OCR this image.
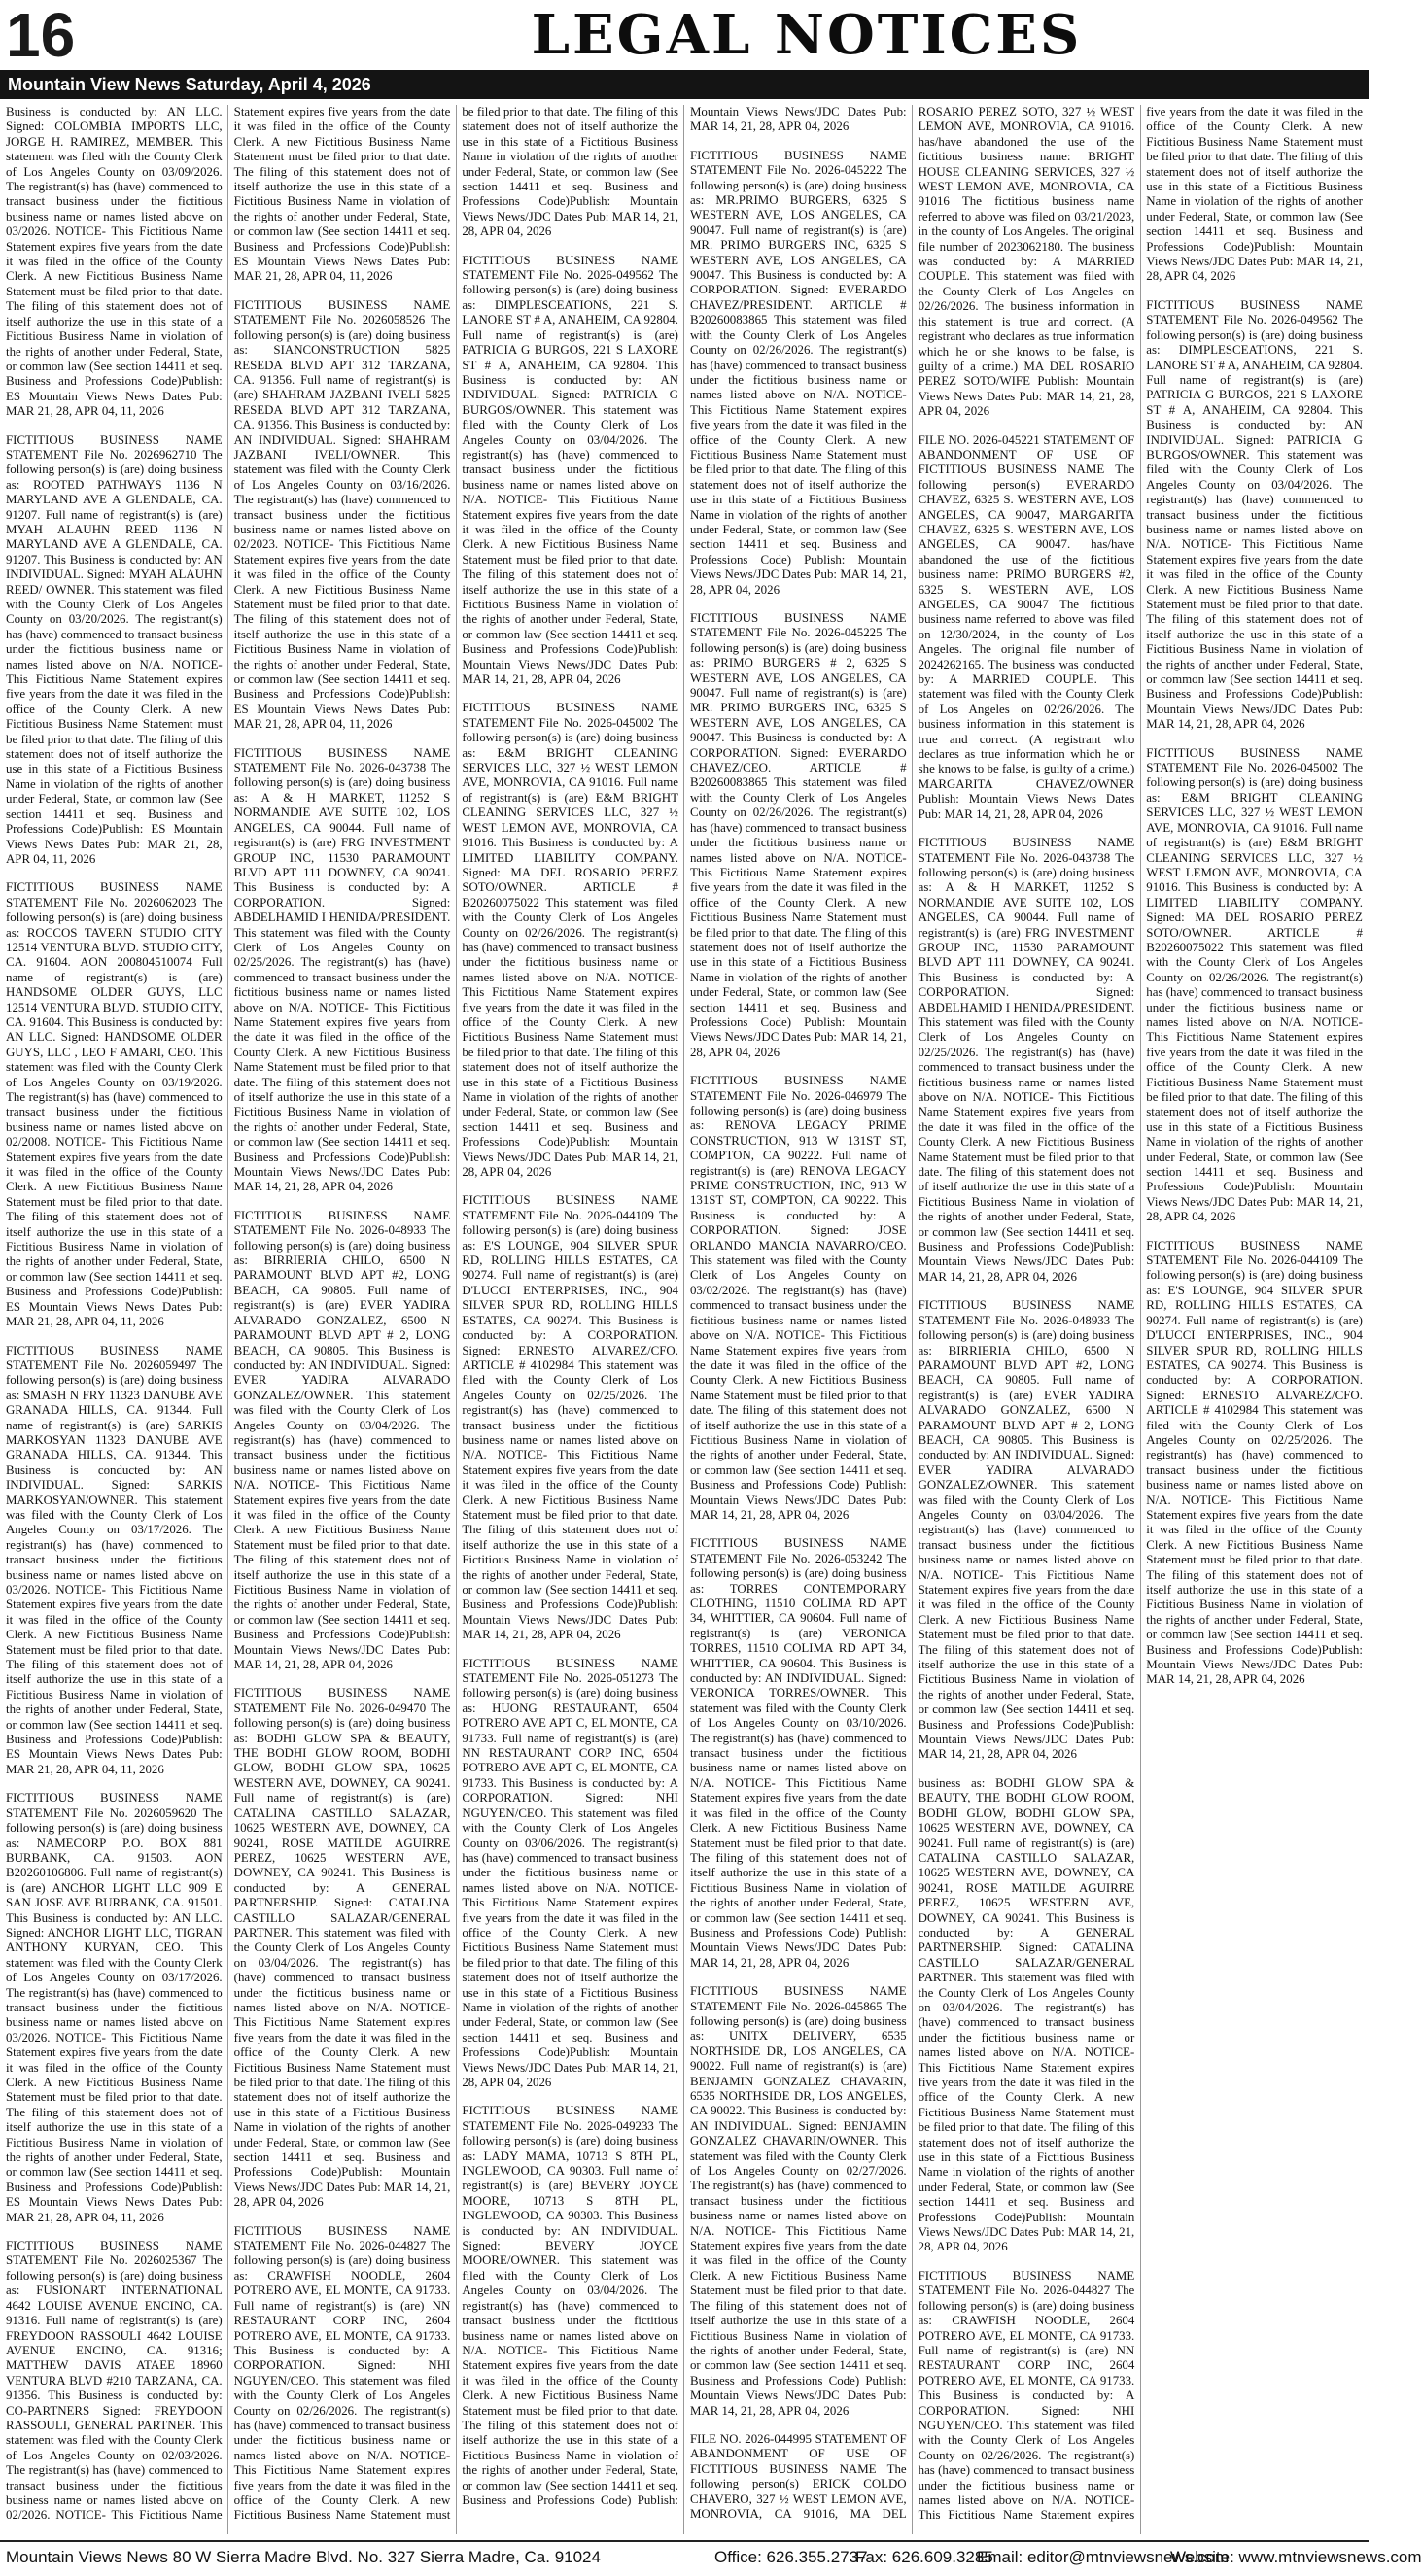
16	LEGAL NOTICES
Mountain View News Saturday, April 4, 2026

Business is conducted by: AN LLC. Signed: COLOMBIA IMPORTS LLC, JORGE H. RAMIREZ, MEMBER. This statement was filed with the County Clerk of Los Angeles County on 03/09/2026. The registrant(s) has (have) commenced to transact business under the fictitious business name or names listed above on 03/2026. NOTICE- This Fictitious Name Statement expires five years from the date it was filed in the office of the County Clerk. A new Fictitious Business Name Statement must be filed prior to that date. The filing of this statement does not of itself authorize the use in this state of a Fictitious Business Name in violation of the rights of another under Federal, State, or common law (See section 14411 et seq. Business and Professions Code)Publish: ES Mountain Views News Dates Pub: MAR 21, 28, APR 04, 11, 2026

FICTITIOUS BUSINESS NAME STATEMENT File No. 2026962710 The following person(s) is (are) doing business as: ROOTED PATHWAYS 1136 N MARYLAND AVE A GLENDALE, CA. 91207. Full name of registrant(s) is (are) MYAH ALAUHN REED 1136 N MARYLAND AVE A GLENDALE, CA. 91207. This Business is conducted by: AN INDIVIDUAL. Signed: MYAH ALAUHN REED/ OWNER. This statement was filed with the County Clerk of Los Angeles County on 03/20/2026. The registrant(s) has (have) commenced to transact business under the fictitious business name or names listed above on N/A. NOTICE- This Fictitious Name Statement expires five years from the date it was filed in the office of the County Clerk. A new Fictitious Business Name Statement must be filed prior to that date. The filing of this statement does not of itself authorize the use in this state of a Fictitious Business Name in violation of the rights of another under Federal, State, or common law (See section 14411 et seq. Business and Professions Code)Publish: ES Mountain Views News Dates Pub: MAR 21, 28, APR 04, 11, 2026

FICTITIOUS BUSINESS NAME STATEMENT File No. 2026062023 The following person(s) is (are) doing business as: ROCCOS TAVERN STUDIO CITY 12514 VENTURA BLVD. STUDIO CITY, CA. 91604. AON 200804510074 Full name of registrant(s) is (are) HANDSOME OLDER GUYS, LLC 12514 VENTURA BLVD. STUDIO CITY, CA. 91604. This Business is conducted by: AN LLC. Signed: HANDSOME OLDER GUYS, LLC , LEO F AMARI, CEO. This statement was filed with the County Clerk of Los Angeles County on 03/19/2026. The registrant(s) has (have) commenced to transact business under the fictitious business name or names listed above on 02/2008. NOTICE- This Fictitious Name Statement expires five years from the date it was filed in the office of the County Clerk. A new Fictitious Business Name Statement must be filed prior to that date. The filing of this statement does not of itself authorize the use in this state of a Fictitious Business Name in violation of the rights of another under Federal, State, or common law (See section 14411 et seq. Business and Professions Code)Publish: ES Mountain Views News Dates Pub: MAR 21, 28, APR 04, 11, 2026

FICTITIOUS BUSINESS NAME STATEMENT File No. 2026059497 The following person(s) is (are) doing business as: SMASH N FRY 11323 DANUBE AVE GRANADA HILLS, CA. 91344. Full name of registrant(s) is (are) SARKIS MARKOSYAN 11323 DANUBE AVE GRANADA HILLS, CA. 91344. This Business is conducted by: AN INDIVIDUAL. Signed: SARKIS MARKOSYAN/OWNER. This statement was filed with the County Clerk of Los Angeles County on 03/17/2026. The registrant(s) has (have) commenced to transact business under the fictitious business name or names listed above on 03/2026. NOTICE- This Fictitious Name Statement expires five years from the date it was filed in the office of the County Clerk. A new Fictitious Business Name Statement must be filed prior to that date. The filing of this statement does not of itself authorize the use in this state of a Fictitious Business Name in violation of the rights of another under Federal, State, or common law (See section 14411 et seq. Business and Professions Code)Publish: ES Mountain Views News Dates Pub: MAR 21, 28, APR 04, 11, 2026

FICTITIOUS BUSINESS NAME STATEMENT File No. 2026059620 The following person(s) is (are) doing business as: NAMECORP P.O. BOX 881 BURBANK, CA. 91503. AON B20260106806. Full name of registrant(s) is (are) ANCHOR LIGHT LLC 909 E SAN JOSE AVE BURBANK, CA. 91501. This Business is conducted by: AN LLC. Signed: ANCHOR LIGHT LLC, TIGRAN ANTHONY KURYAN, CEO. This statement was filed with the County Clerk of Los Angeles County on 03/17/2026. The registrant(s) has (have) commenced to transact business under the fictitious business name or names listed above on 03/2026. NOTICE- This Fictitious Name Statement expires five years from the date it was filed in the office of the County Clerk. A new Fictitious Business Name Statement must be filed prior to that date. The filing of this statement does not of itself authorize the use in this state of a Fictitious Business Name in violation of the rights of another under Federal, State, or common law (See section 14411 et seq. Business and Professions Code)Publish: ES Mountain Views News Dates Pub: MAR 21, 28, APR 04, 11, 2026

FICTITIOUS BUSINESS NAME STATEMENT File No. 2026025367 The following person(s) is (are) doing business as: FUSIONART INTERNATIONAL 4642 LOUISE AVENUE ENCINO, CA. 91316. Full name of registrant(s) is (are) FREYDOON RASSOULI 4642 LOUISE AVENUE ENCINO, CA. 91316; MATTHEW DAVIS ATAEE 18960 VENTURA BLVD #210 TARZANA, CA. 91356. This Business is conducted by: CO-PARTNERS Signed: FREYDOON RASSOULI, GENERAL PARTNER. This statement was filed with the County Clerk of Los Angeles County on 02/03/2026. The registrant(s) has (have) commenced to transact business under the fictitious business name or names listed above on 02/2026. NOTICE- This Fictitious Name Statement expires five years from the date it was filed in the office of the County Clerk. A new Fictitious Business Name Statement must be filed prior to that date. The filing of this statement does not of itself authorize the use in this state of a Fictitious Business Name in violation of the rights of another under Federal, State, or common law (See section 14411 et seq. Business and Professions Code)Publish: ES Mountain Views News Dates Pub: MAR 21, 28, APR 04, 11, 2026

FICTITIOUS BUSINESS NAME STATEMENT File No. 2026058526 The following person(s) is (are) doing business as: SIANCONSTRUCTION 5825 RESEDA BLVD APT 312 TARZANA, CA. 91356. Full name of registrant(s) is (are) SHAHRAM JAZBANI IVELI 5825 RESEDA BLVD APT 312 TARZANA, CA. 91356. This Business is conducted by: AN INDIVIDUAL. Signed: SHAHRAM JAZBANI IVELI/OWNER. This statement was filed with the County Clerk of Los Angeles County on 03/16/2026. The registrant(s) has (have) commenced to transact business under the fictitious business name or names listed above on 02/2023. NOTICE- This Fictitious Name Statement expires five years from the date it was filed in the office of the County Clerk. A new Fictitious Business Name Statement must be filed prior to that date. The filing of this statement does not of itself authorize the use in this state of a Fictitious Business Name in violation of the rights of another under Federal, State, or common law (See section 14411 et seq. Business and Professions Code)Publish: ES Mountain Views News Dates Pub: MAR 21, 28, APR 04, 11, 2026

FICTITIOUS BUSINESS NAME STATEMENT File No. 2026-043738 The following person(s) is (are) doing business as: A & H MARKET, 11252 S NORMANDIE AVE SUITE 102, LOS ANGELES, CA 90044. Full name of registrant(s) is (are) FRG INVESTMENT GROUP INC, 11530 PARAMOUNT BLVD APT 111 DOWNEY, CA 90241. This Business is conducted by: A CORPORATION. Signed: ABDELHAMID I HENIDA/PRESIDENT. This statement was filed with the County Clerk of Los Angeles County on 02/25/2026. The registrant(s) has (have) commenced to transact business under the fictitious business name or names listed above on N/A. NOTICE- This Fictitious Name Statement expires five years from the date it was filed in the office of the County Clerk. A new Fictitious Business Name Statement must be filed prior to that date. The filing of this statement does not of itself authorize the use in this state of a Fictitious Business Name in violation of the rights of another under Federal, State, or common law (See section 14411 et seq. Business and Professions Code)Publish: Mountain Views News/JDC Dates Pub: MAR 14, 21, 28, APR 04, 2026

FICTITIOUS BUSINESS NAME STATEMENT File No. 2026-048933 The following person(s) is (are) doing business as: BIRRIERIA CHILO, 6500 N PARAMOUNT BLVD APT #2, LONG BEACH, CA 90805. Full name of registrant(s) is (are) EVER YADIRA ALVARADO GONZALEZ, 6500 N PARAMOUNT BLVD APT # 2, LONG BEACH, CA 90805. This Business is conducted by: AN INDIVIDUAL. Signed: EVER YADIRA ALVARADO GONZALEZ/OWNER. This statement was filed with the County Clerk of Los Angeles County on 03/04/2026. The registrant(s) has (have) commenced to transact business under the fictitious business name or names listed above on N/A. NOTICE- This Fictitious Name Statement expires five years from the date it was filed in the office of the County Clerk. A new Fictitious Business Name Statement must be filed prior to that date. The filing of this statement does not of itself authorize the use in this state of a Fictitious Business Name in violation of the rights of another under Federal, State, or common law (See section 14411 et seq. Business and Professions Code)Publish: Mountain Views News/JDC Dates Pub: MAR 14, 21, 28, APR 04, 2026

FICTITIOUS BUSINESS NAME STATEMENT File No. 2026-049470 The following person(s) is (are) doing business as: BODHI GLOW SPA & BEAUTY, THE BODHI GLOW ROOM, BODHI GLOW, BODHI GLOW SPA, 10625 WESTERN AVE, DOWNEY, CA 90241. Full name of registrant(s) is (are) CATALINA CASTILLO SALAZAR, 10625 WESTERN AVE, DOWNEY, CA 90241, ROSE MATILDE AGUIRRE PEREZ, 10625 WESTERN AVE, DOWNEY, CA 90241. This Business is conducted by: A GENERAL PARTNERSHIP. Signed: CATALINA CASTILLO SALAZAR/GENERAL PARTNER. This statement was filed with the County Clerk of Los Angeles County on 03/04/2026. The registrant(s) has (have) commenced to transact business under the fictitious business name or names listed above on N/A. NOTICE- This Fictitious Name Statement expires five years from the date it was filed in the office of the County Clerk. A new Fictitious Business Name Statement must be filed prior to that date. The filing of this statement does not of itself authorize the use in this state of a Fictitious Business Name in violation of the rights of another under Federal, State, or common law (See section 14411 et seq. Business and Professions Code)Publish: Mountain Views News/JDC Dates Pub: MAR 14, 21, 28, APR 04, 2026

FICTITIOUS BUSINESS NAME STATEMENT File No. 2026-044827 The following person(s) is (are) doing business as: CRAWFISH NOODLE, 2604 POTRERO AVE, EL MONTE, CA 91733. Full name of registrant(s) is (are) NN RESTAURANT CORP INC, 2604 POTRERO AVE, EL MONTE, CA 91733. This Business is conducted by: A CORPORATION. Signed: NHI NGUYEN/CEO. This statement was filed with the County Clerk of Los Angeles County on 02/26/2026. The registrant(s) has (have) commenced to transact business under the fictitious business name or names listed above on N/A. NOTICE- This Fictitious Name Statement expires five years from the date it was filed in the office of the County Clerk. A new Fictitious Business Name Statement must be filed prior to that date. The filing of this statement does not of itself authorize the use in this state of a Fictitious Business Name in violation of the rights of another under Federal, State, or common law (See section 14411 et seq. Business and Professions Code)Publish: Mountain Views News/JDC Dates Pub: MAR 14, 21, 28, APR 04, 2026

FICTITIOUS BUSINESS NAME STATEMENT File No. 2026-049562 The following person(s) is (are) doing business as: DIMPLESCEATIONS, 221 S. LANORE ST # A, ANAHEIM, CA 92804. Full name of registrant(s) is (are) PATRICIA G BURGOS, 221 S LAXORE ST # A, ANAHEIM, CA 92804. This Business is conducted by: AN INDIVIDUAL. Signed: PATRICIA G BURGOS/OWNER. This statement was filed with the County Clerk of Los Angeles County on 03/04/2026. The registrant(s) has (have) commenced to transact business under the fictitious business name or names listed above on N/A. NOTICE- This Fictitious Name Statement expires five years from the date it was filed in the office of the County Clerk. A new Fictitious Business Name Statement must be filed prior to that date. The filing of this statement does not of itself authorize the use in this state of a Fictitious Business Name in violation of the rights of another under Federal, State, or common law (See section 14411 et seq. Business and Professions Code)Publish: Mountain Views News/JDC Dates Pub: MAR 14, 21, 28, APR 04, 2026

FICTITIOUS BUSINESS NAME STATEMENT File No. 2026-045002 The following person(s) is (are) doing business as: E&M BRIGHT CLEANING SERVICES LLC, 327 ½ WEST LEMON AVE, MONROVIA, CA 91016. Full name of registrant(s) is (are) E&M BRIGHT CLEANING SERVICES LLC, 327 ½ WEST LEMON AVE, MONROVIA, CA 91016. This Business is conducted by: A LIMITED LIABILITY COMPANY. Signed: MA DEL ROSARIO PEREZ SOTO/OWNER. ARTICLE # B20260075022 This statement was filed with the County Clerk of Los Angeles County on 02/26/2026. The registrant(s) has (have) commenced to transact business under the fictitious business name or names listed above on N/A. NOTICE- This Fictitious Name Statement expires five years from the date it was filed in the office of the County Clerk. A new Fictitious Business Name Statement must be filed prior to that date. The filing of this statement does not of itself authorize the use in this state of a Fictitious Business Name in violation of the rights of another under Federal, State, or common law (See section 14411 et seq. Business and Professions Code)Publish: Mountain Views News/JDC Dates Pub: MAR 14, 21, 28, APR 04, 2026

FICTITIOUS BUSINESS NAME STATEMENT File No. 2026-044109 The following person(s) is (are) doing business as: E'S LOUNGE, 904 SILVER SPUR RD, ROLLING HILLS ESTATES, CA 90274. Full name of registrant(s) is (are) D'LUCCI ENTERPRISES, INC., 904 SILVER SPUR RD, ROLLING HILLS ESTATES, CA 90274. This Business is conducted by: A CORPORATION. Signed: ERNESTO ALVAREZ/CFO. ARTICLE # 4102984 This statement was filed with the County Clerk of Los Angeles County on 02/25/2026. The registrant(s) has (have) commenced to transact business under the fictitious business name or names listed above on N/A. NOTICE- This Fictitious Name Statement expires five years from the date it was filed in the office of the County Clerk. A new Fictitious Business Name Statement must be filed prior to that date. The filing of this statement does not of itself authorize the use in this state of a Fictitious Business Name in violation of the rights of another under Federal, State, or common law (See section 14411 et seq. Business and Professions Code)Publish: Mountain Views News/JDC Dates Pub: MAR 14, 21, 28, APR 04, 2026

FICTITIOUS BUSINESS NAME STATEMENT File No. 2026-051273 The following person(s) is (are) doing business as: HUONG RESTAURANT, 6504 POTRERO AVE APT C, EL MONTE, CA 91733. Full name of registrant(s) is (are) NN RESTAURANT CORP INC, 6504 POTRERO AVE APT C, EL MONTE, CA 91733. This Business is conducted by: A CORPORATION. Signed: NHI NGUYEN/CEO. This statement was filed with the County Clerk of Los Angeles County on 03/06/2026. The registrant(s) has (have) commenced to transact business under the fictitious business name or names listed above on N/A. NOTICE- This Fictitious Name Statement expires five years from the date it was filed in the office of the County Clerk. A new Fictitious Business Name Statement must be filed prior to that date. The filing of this statement does not of itself authorize the use in this state of a Fictitious Business Name in violation of the rights of another under Federal, State, or common law (See section 14411 et seq. Business and Professions Code)Publish: Mountain Views News/JDC Dates Pub: MAR 14, 21, 28, APR 04, 2026

FICTITIOUS BUSINESS NAME STATEMENT File No. 2026-049233 The following person(s) is (are) doing business as: LADY MAMA, 10713 S 8TH PL, INGLEWOOD, CA 90303. Full name of registrant(s) is (are) BEVERY JOYCE MOORE, 10713 S 8TH PL, INGLEWOOD, CA 90303. This Business is conducted by: AN INDIVIDUAL. Signed: BEVERY JOYCE MOORE/OWNER. This statement was filed with the County Clerk of Los Angeles County on 03/04/2026. The registrant(s) has (have) commenced to transact business under the fictitious business name or names listed above on N/A. NOTICE- This Fictitious Name Statement expires five years from the date it was filed in the office of the County Clerk. A new Fictitious Business Name Statement must be filed prior to that date. The filing of this statement does not of itself authorize the use in this state of a Fictitious Business Name in violation of the rights of another under Federal, State, or common law (See section 14411 et seq. Business and Professions Code) Publish: Mountain Views News/JDC Dates Pub: MAR 14, 21, 28, APR 04, 2026

FICTITIOUS BUSINESS NAME STATEMENT File No. 2026-045222 The following person(s) is (are) doing business as: MR.PRIMO BURGERS, 6325 S WESTERN AVE, LOS ANGELES, CA 90047. Full name of registrant(s) is (are) MR. PRIMO BURGERS INC, 6325 S WESTERN AVE, LOS ANGELES, CA 90047. This Business is conducted by: A CORPORATION. Signed: EVERARDO CHAVEZ/PRESIDENT. ARTICLE # B20260083865 This statement was filed with the County Clerk of Los Angeles County on 02/26/2026. The registrant(s) has (have) commenced to transact business under the fictitious business name or names listed above on N/A. NOTICE- This Fictitious Name Statement expires five years from the date it was filed in the office of the County Clerk. A new Fictitious Business Name Statement must be filed prior to that date. The filing of this statement does not of itself authorize the use in this state of a Fictitious Business Name in violation of the rights of another under Federal, State, or common law (See section 14411 et seq. Business and Professions Code) Publish: Mountain Views News/JDC Dates Pub: MAR 14, 21, 28, APR 04, 2026

FICTITIOUS BUSINESS NAME STATEMENT File No. 2026-045225 The following person(s) is (are) doing business as: PRIMO BURGERS # 2, 6325 S WESTERN AVE, LOS ANGELES, CA 90047. Full name of registrant(s) is (are) MR. PRIMO BURGERS INC, 6325 S WESTERN AVE, LOS ANGELES, CA 90047. This Business is conducted by: A CORPORATION. Signed: EVERARDO CHAVEZ/CEO. ARTICLE # B20260083865 This statement was filed with the County Clerk of Los Angeles County on 02/26/2026. The registrant(s) has (have) commenced to transact business under the fictitious business name or names listed above on N/A. NOTICE- This Fictitious Name Statement expires five years from the date it was filed in the office of the County Clerk. A new Fictitious Business Name Statement must be filed prior to that date. The filing of this statement does not of itself authorize the use in this state of a Fictitious Business Name in violation of the rights of another under Federal, State, or common law (See section 14411 et seq. Business and Professions Code) Publish: Mountain Views News/JDC Dates Pub: MAR 14, 21, 28, APR 04, 2026

FICTITIOUS BUSINESS NAME STATEMENT File No. 2026-046979 The following person(s) is (are) doing business as: RENOVA LEGACY PRIME CONSTRUCTION, 913 W 131ST ST, COMPTON, CA 90222. Full name of registrant(s) is (are) RENOVA LEGACY PRIME CONSTRUCTION, INC, 913 W 131ST ST, COMPTON, CA 90222. This Business is conducted by: A CORPORATION. Signed: JOSE ORLANDO MANCIA NAVARRO/CEO. This statement was filed with the County Clerk of Los Angeles County on 03/02/2026. The registrant(s) has (have) commenced to transact business under the fictitious business name or names listed above on N/A. NOTICE- This Fictitious Name Statement expires five years from the date it was filed in the office of the County Clerk. A new Fictitious Business Name Statement must be filed prior to that date. The filing of this statement does not of itself authorize the use in this state of a Fictitious Business Name in violation of the rights of another under Federal, State, or common law (See section 14411 et seq. Business and Professions Code) Publish: Mountain Views News/JDC Dates Pub: MAR 14, 21, 28, APR 04, 2026

FICTITIOUS BUSINESS NAME STATEMENT File No. 2026-053242 The following person(s) is (are) doing business as: TORRES CONTEMPORARY CLOTHING, 11510 COLIMA RD APT 34, WHITTIER, CA 90604. Full name of registrant(s) is (are) VERONICA TORRES, 11510 COLIMA RD APT 34, WHITTIER, CA 90604. This Business is conducted by: AN INDIVIDUAL. Signed: VERONICA TORRES/OWNER. This statement was filed with the County Clerk of Los Angeles County on 03/10/2026. The registrant(s) has (have) commenced to transact business under the fictitious business name or names listed above on N/A. NOTICE- This Fictitious Name Statement expires five years from the date it was filed in the office of the County Clerk. A new Fictitious Business Name Statement must be filed prior to that date. The filing of this statement does not of itself authorize the use in this state of a Fictitious Business Name in violation of the rights of another under Federal, State, or common law (See section 14411 et seq. Business and Professions Code) Publish: Mountain Views News/JDC Dates Pub: MAR 14, 21, 28, APR 04, 2026

FICTITIOUS BUSINESS NAME STATEMENT File No. 2026-045865 The following person(s) is (are) doing business as: UNITX DELIVERY, 6535 NORTHSIDE DR, LOS ANGELES, CA 90022. Full name of registrant(s) is (are) BENJAMIN GONZALEZ CHAVARIN, 6535 NORTHSIDE DR, LOS ANGELES, CA 90022. This Business is conducted by: AN INDIVIDUAL. Signed: BENJAMIN GONZALEZ CHAVARIN/OWNER. This statement was filed with the County Clerk of Los Angeles County on 02/27/2026. The registrant(s) has (have) commenced to transact business under the fictitious business name or names listed above on N/A. NOTICE- This Fictitious Name Statement expires five years from the date it was filed in the office of the County Clerk. A new Fictitious Business Name Statement must be filed prior to that date. The filing of this statement does not of itself authorize the use in this state of a Fictitious Business Name in violation of the rights of another under Federal, State, or common law (See section 14411 et seq. Business and Professions Code) Publish: Mountain Views News/JDC Dates Pub: MAR 14, 21, 28, APR 04, 2026

FILE NO. 2026-044995 STATEMENT OF ABANDONMENT OF USE OF FICTITIOUS BUSINESS NAME The following person(s) ERICK COLDO CHAVERO, 327 ½ WEST LEMON AVE, MONROVIA, CA 91016, MA DEL ROSARIO PEREZ SOTO, 327 ½ WEST LEMON AVE, MONROVIA, CA 91016. has/have abandoned the use of the fictitious business name: BRIGHT HOUSE CLEANING SERVICES, 327 ½ WEST LEMON AVE, MONROVIA, CA 91016 The fictitious business name referred to above was filed on 03/21/2023, in the county of Los Angeles. The original file number of 2023062180. The business was conducted by: A MARRIED COUPLE. This statement was filed with the County Clerk of Los Angeles on 02/26/2026. The business information in this statement is true and correct. (A registrant who declares as true information which he or she knows to be false, is guilty of a crime.) MA DEL ROSARIO PEREZ SOTO/WIFE Publish: Mountain Views News Dates Pub: MAR 14, 21, 28, APR 04, 2026

FILE NO. 2026-045221 STATEMENT OF ABANDONMENT OF USE OF FICTITIOUS BUSINESS NAME The following person(s) EVERARDO CHAVEZ, 6325 S. WESTERN AVE, LOS ANGELES, CA 90047, MARGARITA CHAVEZ, 6325 S. WESTERN AVE, LOS ANGELES, CA 90047. has/have abandoned the use of the fictitious business name: PRIMO BURGERS #2, 6325 S. WESTERN AVE, LOS ANGELES, CA 90047 The fictitious business name referred to above was filed on 12/30/2024, in the county of Los Angeles. The original file number of 2024262165. The business was conducted by: A MARRIED COUPLE. This statement was filed with the County Clerk of Los Angeles on 02/26/2026. The business information in this statement is true and correct. (A registrant who declares as true information which he or she knows to be false, is guilty of a crime.) MARGARITA CHAVEZ/OWNER Publish: Mountain Views News Dates Pub: MAR 14, 21, 28, APR 04, 2026

FICTITIOUS BUSINESS NAME STATEMENT File No. 2026-043738 The following person(s) is (are) doing business as: A & H MARKET, 11252 S NORMANDIE AVE SUITE 102, LOS ANGELES, CA 90044. Full name of registrant(s) is (are) FRG INVESTMENT GROUP INC, 11530 PARAMOUNT BLVD APT 111 DOWNEY, CA 90241. This Business is conducted by: A CORPORATION. Signed: ABDELHAMID I HENIDA/PRESIDENT. This statement was filed with the County Clerk of Los Angeles County on 02/25/2026. The registrant(s) has (have) commenced to transact business under the fictitious business name or names listed above on N/A. NOTICE- This Fictitious Name Statement expires five years from the date it was filed in the office of the County Clerk. A new Fictitious Business Name Statement must be filed prior to that date. The filing of this statement does not of itself authorize the use in this state of a Fictitious Business Name in violation of the rights of another under Federal, State, or common law (See section 14411 et seq. Business and Professions Code)Publish: Mountain Views News/JDC Dates Pub: MAR 14, 21, 28, APR 04, 2026

FICTITIOUS BUSINESS NAME STATEMENT File No. 2026-048933 The following person(s) is (are) doing business as: BIRRIERIA CHILO, 6500 N PARAMOUNT BLVD APT #2, LONG BEACH, CA 90805. Full name of registrant(s) is (are) EVER YADIRA ALVARADO GONZALEZ, 6500 N PARAMOUNT BLVD APT # 2, LONG BEACH, CA 90805. This Business is conducted by: AN INDIVIDUAL. Signed: EVER YADIRA ALVARADO GONZALEZ/OWNER. This statement was filed with the County Clerk of Los Angeles County on 03/04/2026. The registrant(s) has (have) commenced to transact business under the fictitious business name or names listed above on N/A. NOTICE- This Fictitious Name Statement expires five years from the date it was filed in the office of the County Clerk. A new Fictitious Business Name Statement must be filed prior to that date. The filing of this statement does not of itself authorize the use in this state of a Fictitious Business Name in violation of the rights of another under Federal, State, or common law (See section 14411 et seq. Business and Professions Code)Publish: Mountain Views News/JDC Dates Pub: MAR 14, 21, 28, APR 04, 2026

business as: BODHI GLOW SPA & BEAUTY, THE BODHI GLOW ROOM, BODHI GLOW, BODHI GLOW SPA, 10625 WESTERN AVE, DOWNEY, CA 90241. Full name of registrant(s) is (are) CATALINA CASTILLO SALAZAR, 10625 WESTERN AVE, DOWNEY, CA 90241, ROSE MATILDE AGUIRRE PEREZ, 10625 WESTERN AVE, DOWNEY, CA 90241. This Business is conducted by: A GENERAL PARTNERSHIP. Signed: CATALINA CASTILLO SALAZAR/GENERAL PARTNER. This statement was filed with the County Clerk of Los Angeles County on 03/04/2026. The registrant(s) has (have) commenced to transact business under the fictitious business name or names listed above on N/A. NOTICE- This Fictitious Name Statement expires five years from the date it was filed in the office of the County Clerk. A new Fictitious Business Name Statement must be filed prior to that date. The filing of this statement does not of itself authorize the use in this state of a Fictitious Business Name in violation of the rights of another under Federal, State, or common law (See section 14411 et seq. Business and Professions Code)Publish: Mountain Views News/JDC Dates Pub: MAR 14, 21, 28, APR 04, 2026

FICTITIOUS BUSINESS NAME STATEMENT File No. 2026-044827 The following person(s) is (are) doing business as: CRAWFISH NOODLE, 2604 POTRERO AVE, EL MONTE, CA 91733. Full name of registrant(s) is (are) NN RESTAURANT CORP INC, 2604 POTRERO AVE, EL MONTE, CA 91733. This Business is conducted by: A CORPORATION. Signed: NHI NGUYEN/CEO. This statement was filed with the County Clerk of Los Angeles County on 02/26/2026. The registrant(s) has (have) commenced to transact business under the fictitious business name or names listed above on N/A. NOTICE- This Fictitious Name Statement expires five years from the date it was filed in the office of the County Clerk. A new Fictitious Business Name Statement must be filed prior to that date. The filing of this statement does not of itself authorize the use in this state of a Fictitious Business Name in violation of the rights of another under Federal, State, or common law (See section 14411 et seq. Business and Professions Code)Publish: Mountain Views News/JDC Dates Pub: MAR 14, 21, 28, APR 04, 2026

FICTITIOUS BUSINESS NAME STATEMENT File No. 2026-049562 The following person(s) is (are) doing business as: DIMPLESCEATIONS, 221 S. LANORE ST # A, ANAHEIM, CA 92804. Full name of registrant(s) is (are) PATRICIA G BURGOS, 221 S LAXORE ST # A, ANAHEIM, CA 92804. This Business is conducted by: AN INDIVIDUAL. Signed: PATRICIA G BURGOS/OWNER. This statement was filed with the County Clerk of Los Angeles County on 03/04/2026. The registrant(s) has (have) commenced to transact business under the fictitious business name or names listed above on N/A. NOTICE- This Fictitious Name Statement expires five years from the date it was filed in the office of the County Clerk. A new Fictitious Business Name Statement must be filed prior to that date. The filing of this statement does not of itself authorize the use in this state of a Fictitious Business Name in violation of the rights of another under Federal, State, or common law (See section 14411 et seq. Business and Professions Code)Publish: Mountain Views News/JDC Dates Pub: MAR 14, 21, 28, APR 04, 2026

FICTITIOUS BUSINESS NAME STATEMENT File No. 2026-045002 The following person(s) is (are) doing business as: E&M BRIGHT CLEANING SERVICES LLC, 327 ½ WEST LEMON AVE, MONROVIA, CA 91016. Full name of registrant(s) is (are) E&M BRIGHT CLEANING SERVICES LLC, 327 ½ WEST LEMON AVE, MONROVIA, CA 91016. This Business is conducted by: A LIMITED LIABILITY COMPANY. Signed: MA DEL ROSARIO PEREZ SOTO/OWNER. ARTICLE # B20260075022 This statement was filed with the County Clerk of Los Angeles County on 02/26/2026. The registrant(s) has (have) commenced to transact business under the fictitious business name or names listed above on N/A. NOTICE- This Fictitious Name Statement expires five years from the date it was filed in the office of the County Clerk. A new Fictitious Business Name Statement must be filed prior to that date. The filing of this statement does not of itself authorize the use in this state of a Fictitious Business Name in violation of the rights of another under Federal, State, or common law (See section 14411 et seq. Business and Professions Code)Publish: Mountain Views News/JDC Dates Pub: MAR 14, 21, 28, APR 04, 2026

FICTITIOUS BUSINESS NAME STATEMENT File No. 2026-044109 The following person(s) is (are) doing business as: E'S LOUNGE, 904 SILVER SPUR RD, ROLLING HILLS ESTATES, CA 90274. Full name of registrant(s) is (are) D'LUCCI ENTERPRISES, INC., 904 SILVER SPUR RD, ROLLING HILLS ESTATES, CA 90274. This Business is conducted by: A CORPORATION. Signed: ERNESTO ALVAREZ/CFO. ARTICLE # 4102984 This statement was filed with the County Clerk of Los Angeles County on 02/25/2026. The registrant(s) has (have) commenced to transact business under the fictitious business name or names listed above on N/A. NOTICE- This Fictitious Name Statement expires five years from the date it was filed in the office of the County Clerk. A new Fictitious Business Name Statement must be filed prior to that date. The filing of this statement does not of itself authorize the use in this state of a Fictitious Business Name in violation of the rights of another under Federal, State, or common law (See section 14411 et seq. Business and Professions Code)Publish: Mountain Views News/JDC Dates Pub: MAR 14, 21, 28, APR 04, 2026

Mountain Views News 80 W Sierra Madre Blvd. No. 327 Sierra Madre, Ca. 91024	Office: 626.355.2737
Fax: 626.609.3285
Email: editor@mtnviewsnews.com
Website: www.mtnviewsnews.com
